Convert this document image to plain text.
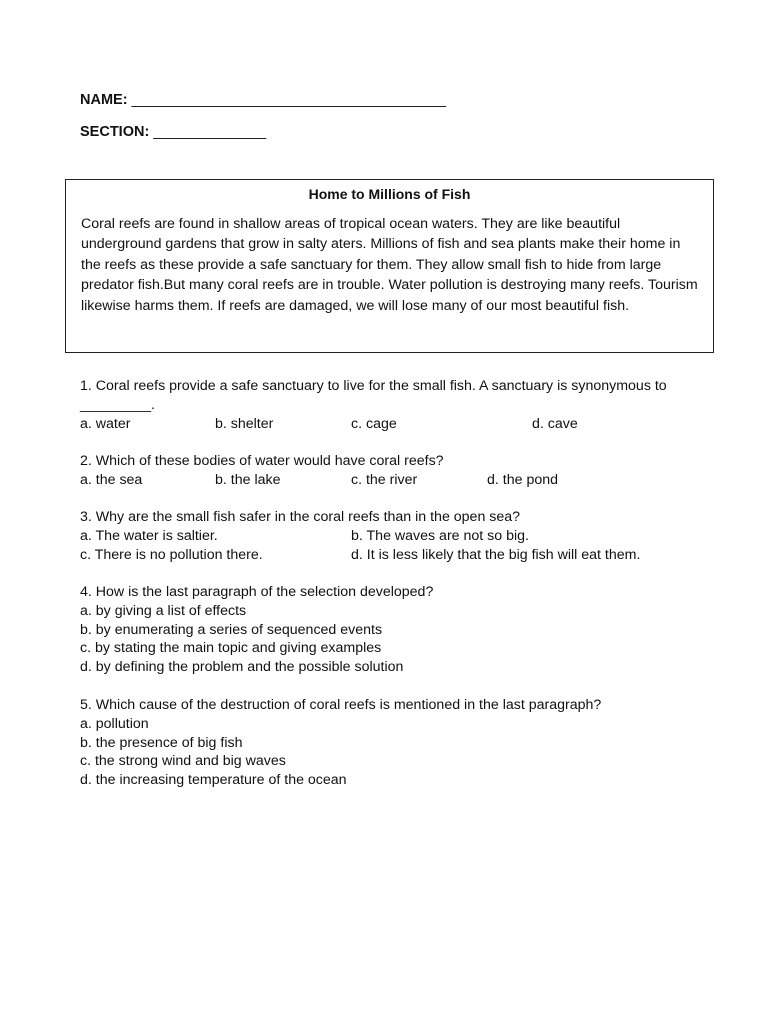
NAME: _______________________________________
SECTION: ______________
Home to Millions of Fish
Coral reefs are found in shallow areas of tropical ocean waters. They are like beautiful underground gardens that grow in salty aters. Millions of fish and sea plants make their home in the reefs as these provide a safe sanctuary for them. They allow small fish to hide from large predator fish.But many coral reefs are in trouble. Water pollution is destroying many reefs. Tourism likewise harms them. If reefs are damaged, we will lose many of our most beautiful fish.
1. Coral reefs provide a safe sanctuary to live for the small fish. A sanctuary is synonymous to _________.
a. water	b. shelter	c. cage	d. cave
2. Which of these bodies of water would have coral reefs?
a. the sea	b. the lake	c. the river	d. the pond
3. Why are the small fish safer in the coral reefs than in the open sea?
a. The water is saltier.	b. The waves are not so big.
c. There is no pollution there.	d. It is less likely that the big fish will eat them.
4. How is the last paragraph of the selection developed?
a. by giving a list of effects
b. by enumerating a series of sequenced events
c. by stating the main topic and giving examples
d. by defining the problem and the possible solution
5. Which cause of the destruction of coral reefs is mentioned in the last paragraph?
a. pollution
b. the presence of big fish
c. the strong wind and big waves
d. the increasing temperature of the ocean
